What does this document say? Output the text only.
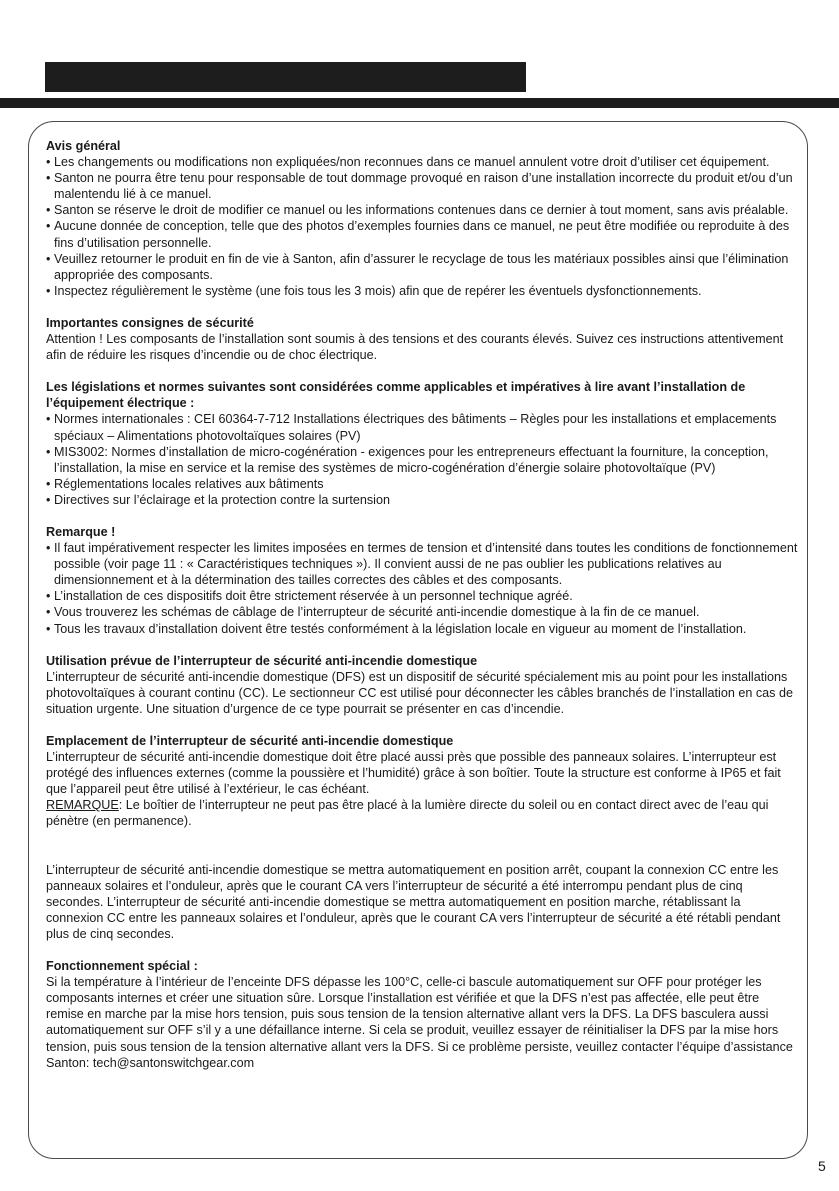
Avis général
• Les changements ou modifications non expliquées/non reconnues dans ce manuel annulent votre droit d’utiliser cet équipement.
• Santon ne pourra être tenu pour responsable de tout dommage provoqué en raison d’une installation incorrecte du produit et/ou d’un malentendu lié à ce manuel.
• Santon se réserve le droit de modifier ce manuel ou les informations contenues dans ce dernier à tout moment, sans avis préalable.
• Aucune donnée de conception, telle que des photos d’exemples fournies dans ce manuel, ne peut être modifiée ou reproduite à des fins d’utilisation personnelle.
• Veuillez retourner le produit en fin de vie à Santon, afin d’assurer le recyclage de tous les matériaux possibles ainsi que l’élimination appropriée des composants.
• Inspectez régulièrement le système (une fois tous les 3 mois) afin que de repérer les éventuels dysfonctionnements.
Importantes consignes de sécurité

Attention ! Les composants de l’installation sont soumis à des tensions et des courants élevés. Suivez ces instructions attentivement afin de réduire les risques d’incendie ou de choc électrique.

Les législations et normes suivantes sont considérées comme applicables et impératives à lire avant l’installation de l’équipement électrique :
• Normes internationales : CEI 60364-7-712 Installations électriques des bâtiments – Règles pour les installations et emplacements spéciaux – Alimentations photovoltaïques solaires (PV)
• MIS3002: Normes d’installation de micro-cogénération - exigences pour les entrepreneurs effectuant la fourniture, la conception, l’installation, la mise en service et la remise des systèmes de micro-cogénération d’énergie solaire photovoltaïque (PV)
• Réglementations locales relatives aux bâtiments
• Directives sur l’éclairage et la protection contre la surtension
Remarque !
• Il faut impérativement respecter les limites imposées en termes de tension et d’intensité dans toutes les conditions de fonctionnement possible (voir page 11 : « Caractéristiques techniques »). Il convient aussi de ne pas oublier les publications relatives au dimensionnement et à la détermination des tailles correctes des câbles et des composants.
• L’installation de ces dispositifs doit être strictement réservée à un personnel technique agréé.
• Vous trouverez les schémas de câblage de l’interrupteur de sécurité anti-incendie domestique à la fin de ce manuel.
• Tous les travaux d’installation doivent être testés conformément à la législation locale en vigueur au moment de l’installation.
Utilisation prévue de l’interrupteur de sécurité anti-incendie domestique

L’interrupteur de sécurité anti-incendie domestique (DFS) est un dispositif de sécurité spécialement mis au point pour les installations photovoltaïques à courant continu (CC). Le sectionneur CC est utilisé pour déconnecter les câbles branchés de l’installation en cas de situation urgente. Une situation d’urgence de ce type pourrait se présenter en cas d’incendie.

Emplacement de l’interrupteur de sécurité anti-incendie domestique

L’interrupteur de sécurité anti-incendie domestique doit être placé aussi près que possible des panneaux solaires. L’interrupteur est protégé des influences externes (comme la poussière et l’humidité) grâce à son boîtier. Toute la structure est conforme à IP65 et fait que l’appareil peut être utilisé à l’extérieur, le cas échéant.

REMARQUE: Le boîtier de l’interrupteur ne peut pas être placé à la lumière directe du soleil ou en contact direct avec de l’eau qui pénètre (en permanence).

L’interrupteur de sécurité anti-incendie domestique se mettra automatiquement en position arrêt, coupant la connexion CC entre les panneaux solaires et l’onduleur, après que le courant CA vers l’interrupteur de sécurité a été interrompu pendant plus de cinq secondes. L’interrupteur de sécurité anti-incendie domestique se mettra automatiquement en position marche, rétablissant la connexion CC entre les panneaux solaires et l’onduleur, après que le courant CA vers l’interrupteur de sécurité a été rétabli pendant plus de cinq secondes.

Fonctionnement spécial :

Si la température à l’intérieur de l’enceinte DFS dépasse les 100°C, celle-ci bascule automatiquement sur OFF pour protéger les composants internes et créer une situation sûre. Lorsque l’installation est vérifiée et que la DFS n’est pas affectée, elle peut être remise en marche par la mise hors tension, puis sous tension de la tension alternative allant vers la DFS. La DFS basculera aussi automatiquement sur OFF s’il y a une défaillance interne. Si cela se produit, veuillez essayer de réinitialiser la DFS par la mise hors tension, puis sous tension de la tension alternative allant vers la DFS. Si ce problème persiste, veuillez contacter l’équipe d’assistance Santon: tech@santonswitchgear.com

5
